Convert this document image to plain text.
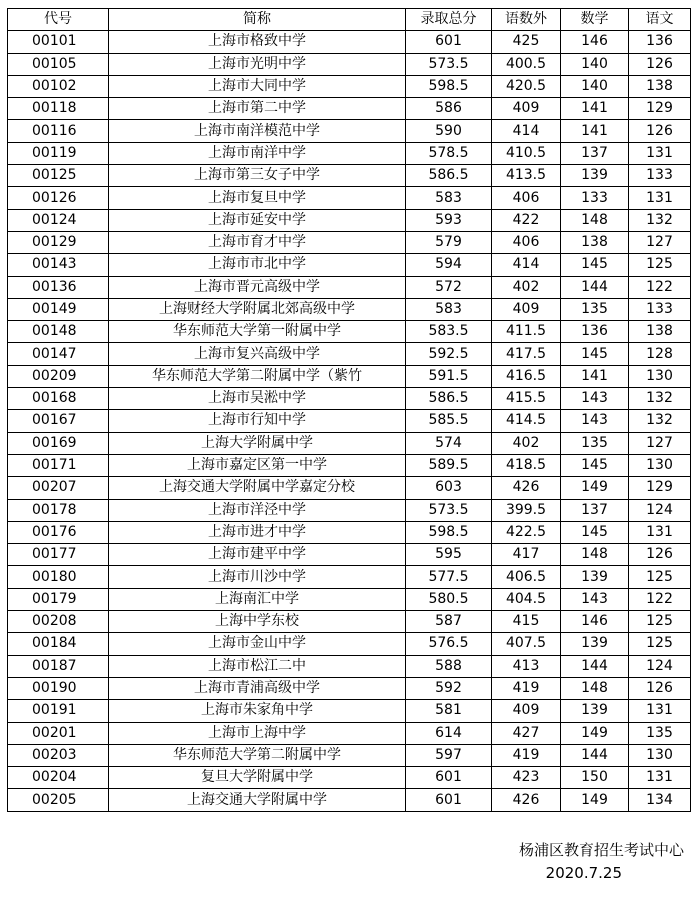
代号	简称	录取总分	语数外	数学	语文
00101	上海市格致中学	601	425	146	136
00105	上海市光明中学	573.5	400.5	140	126
00102	上海市大同中学	598.5	420.5	140	138
00118	上海市第二中学	586	409	141	129
00116	上海市南洋模范中学	590	414	141	126
00119	上海市南洋中学	578.5	410.5	137	131
00125	上海市第三女子中学	586.5	413.5	139	133
00126	上海市复旦中学	583	406	133	131
00124	上海市延安中学	593	422	148	132
00129	上海市育才中学	579	406	138	127
00143	上海市市北中学	594	414	145	125
00136	上海市晋元高级中学	572	402	144	122
00149	上海财经大学附属北郊高级中学	583	409	135	133
00148	华东师范大学第一附属中学	583.5	411.5	136	138
00147	上海市复兴高级中学	592.5	417.5	145	128
00209	华东师范大学第二附属中学（紫竹	591.5	416.5	141	130
00168	上海市吴淞中学	586.5	415.5	143	132
00167	上海市行知中学	585.5	414.5	143	132
00169	上海大学附属中学	574	402	135	127
00171	上海市嘉定区第一中学	589.5	418.5	145	130
00207	上海交通大学附属中学嘉定分校	603	426	149	129
00178	上海市洋泾中学	573.5	399.5	137	124
00176	上海市进才中学	598.5	422.5	145	131
00177	上海市建平中学	595	417	148	126
00180	上海市川沙中学	577.5	406.5	139	125
00179	上海南汇中学	580.5	404.5	143	122
00208	上海中学东校	587	415	146	125
00184	上海市金山中学	576.5	407.5	139	125
00187	上海市松江二中	588	413	144	124
00190	上海市青浦高级中学	592	419	148	126
00191	上海市朱家角中学	581	409	139	131
00201	上海市上海中学	614	427	149	135
00203	华东师范大学第二附属中学	597	419	144	130
00204	复旦大学附属中学	601	423	150	131
00205	上海交通大学附属中学	601	426	149	134
杨浦区教育招生考试中心
2020.7.25
